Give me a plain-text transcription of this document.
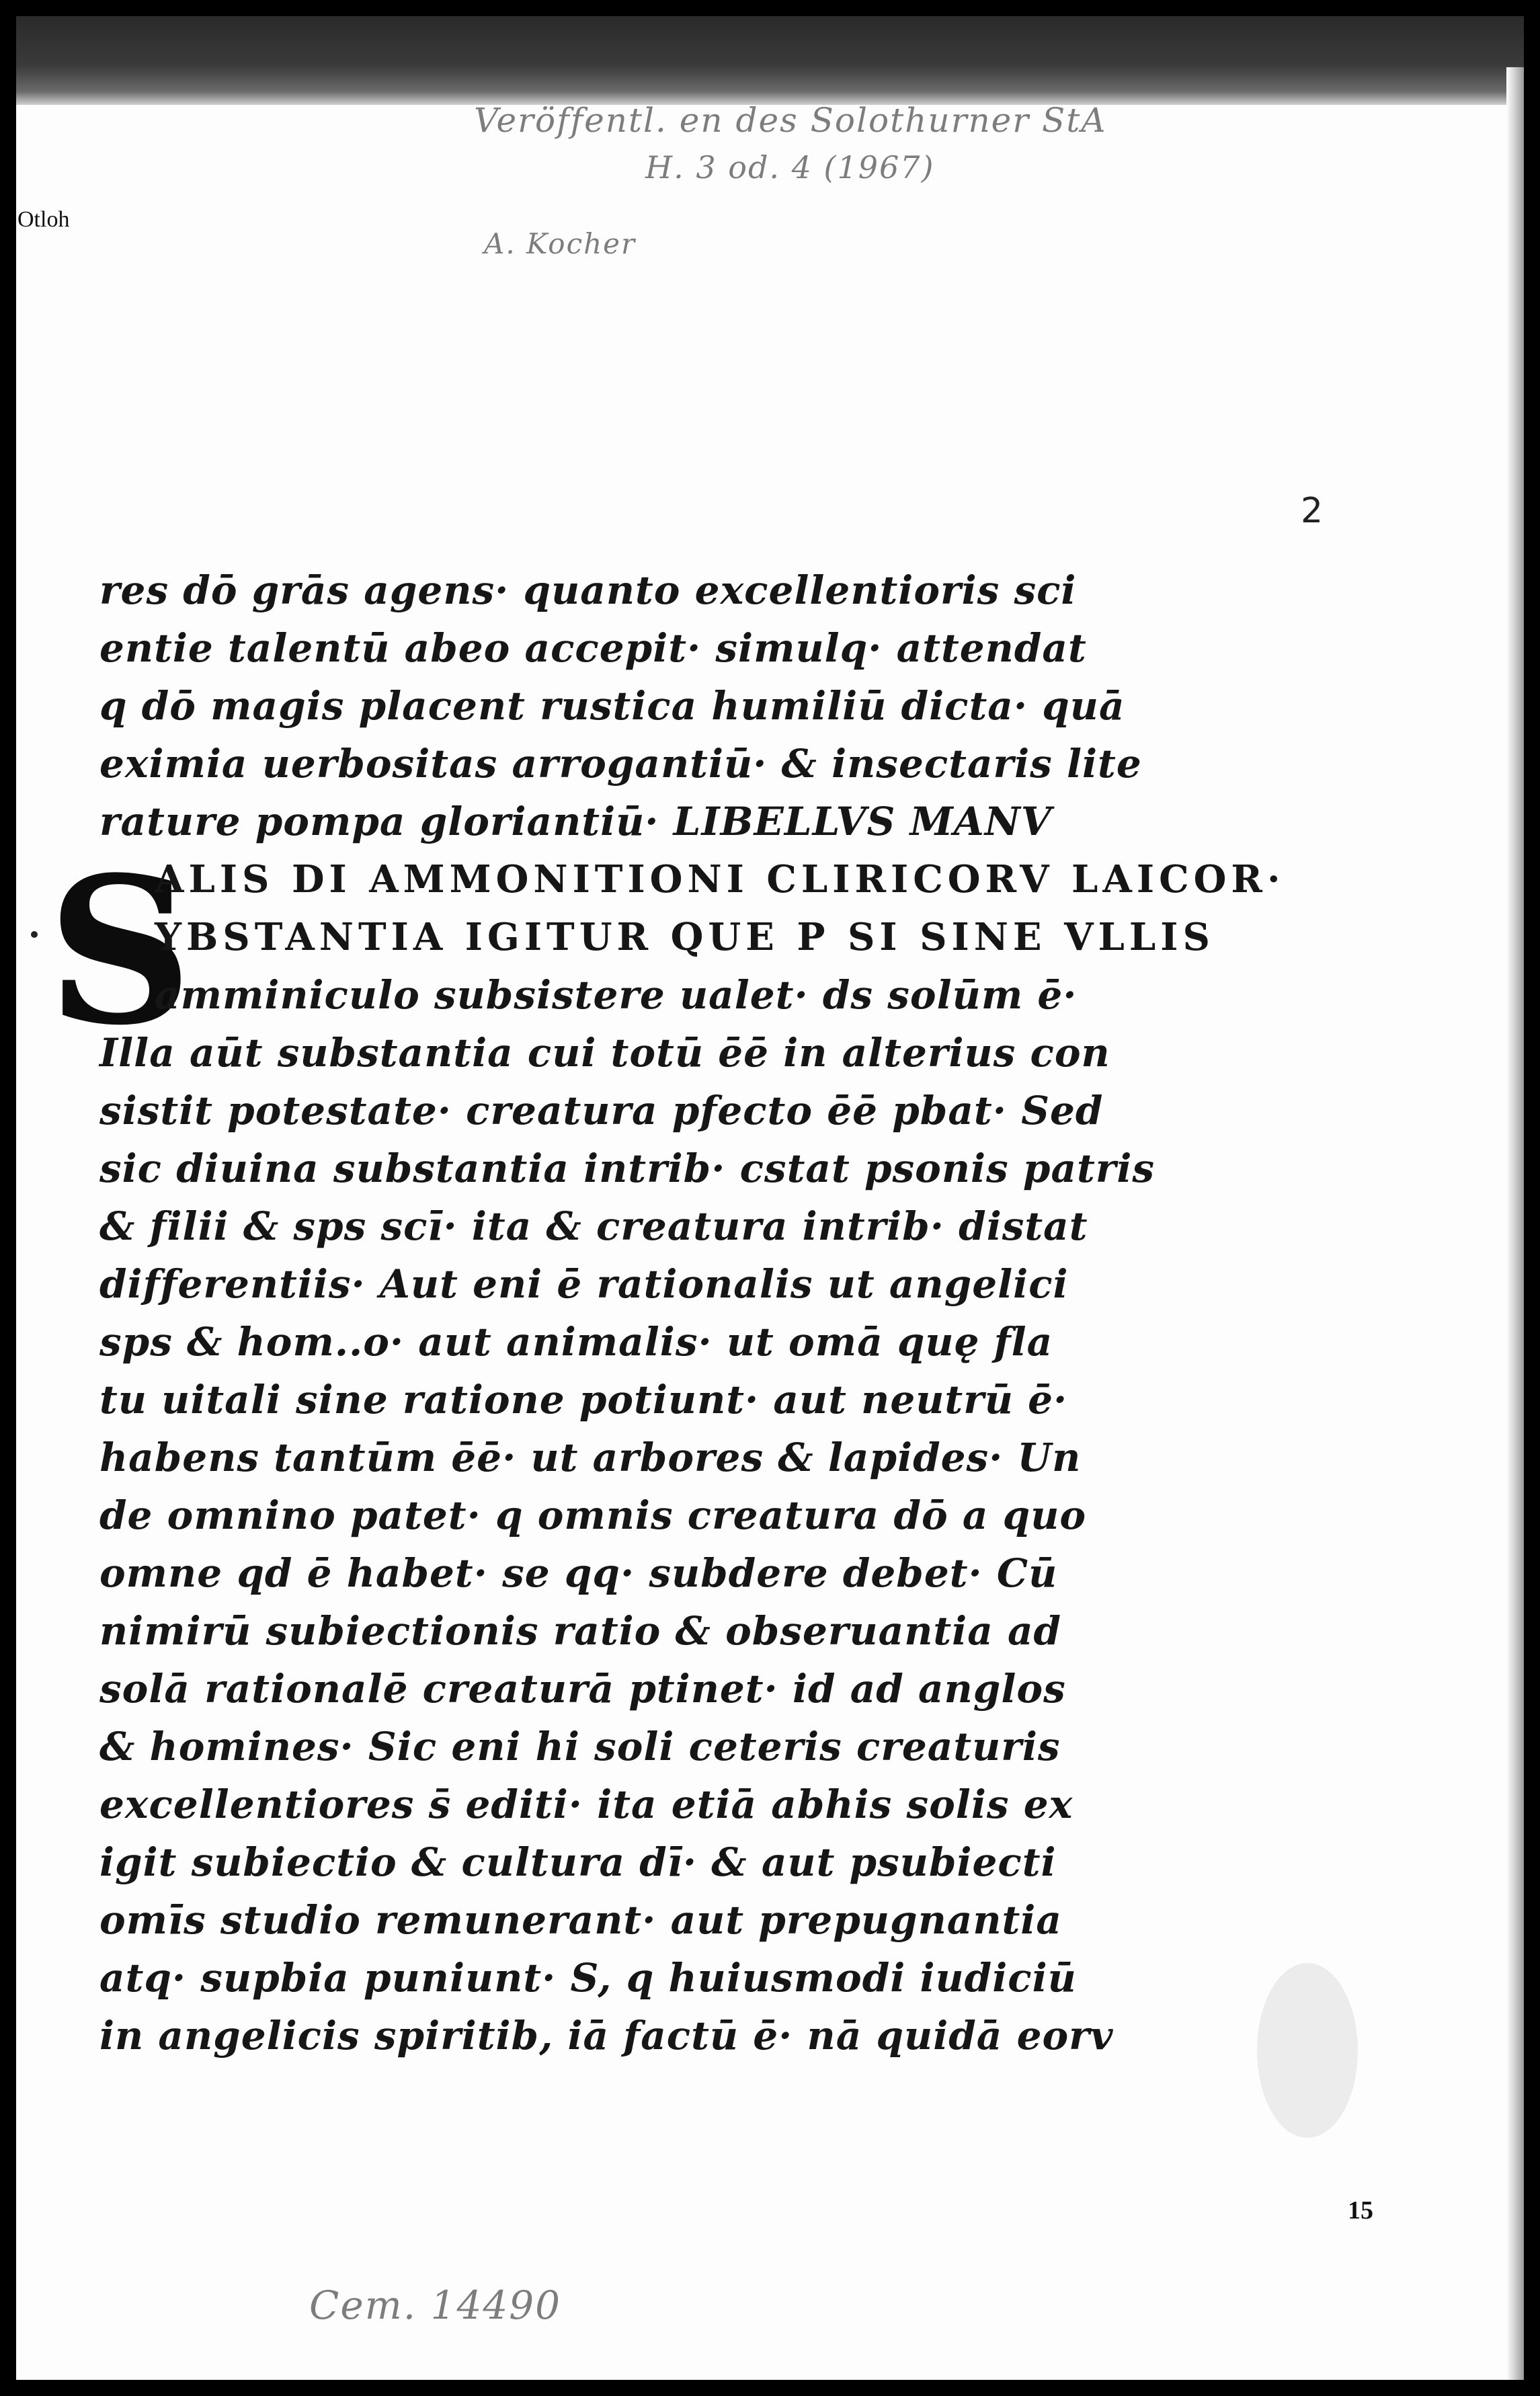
Veröffentl. en des Solothurner StA
H. 3 od. 4 (1967)
A. Kocher
Otloh
2
S
res dō grās agens· quanto excellentioris sci
entie talentū abeo accepit· simulq· attendat
q dō magis placent rustica humiliū dicta· quā
eximia uerbositas arrogantiū· & insectaris lite
rature pompa gloriantiū· LIBELLVS MANV
ALIS DI AMMONITIONI CLIRICORV LAICOR·
YBSTANTIA IGITUR QUE P SI SINE VLLIS
amminiculo subsistere ualet· ds solūm ē·
Illa aūt substantia cui totū ēē in alterius con
sistit potestate· creatura pfecto ēē pbat· Sed
sic diuina substantia intrib· cstat psonis patris
& filii & sps scī· ita & creatura intrib· distat
differentiis· Aut eni ē rationalis ut angelici
sps & hom..o· aut animalis· ut omā quę fla
tu uitali sine ratione potiunt· aut neutrū ē·
habens tantūm ēē· ut arbores & lapides· Un
de omnino patet· q omnis creatura dō a quo
omne qd ē habet· se qq· subdere debet· Cū
nimirū subiectionis ratio & obseruantia ad
solā rationalē creaturā ptinet· id ad anglos
& homines· Sic eni hi soli ceteris creaturis
excellentiores s̄ editi· ita etiā abhis solis ex
igit subiectio & cultura dī· & aut psubiecti
omīs studio remunerant· aut prepugnantia
atq· supbia puniunt· S, q huiusmodi iudiciū
in angelicis spiritib, iā factū ē· nā quidā eorv
15
Cem. 14490
